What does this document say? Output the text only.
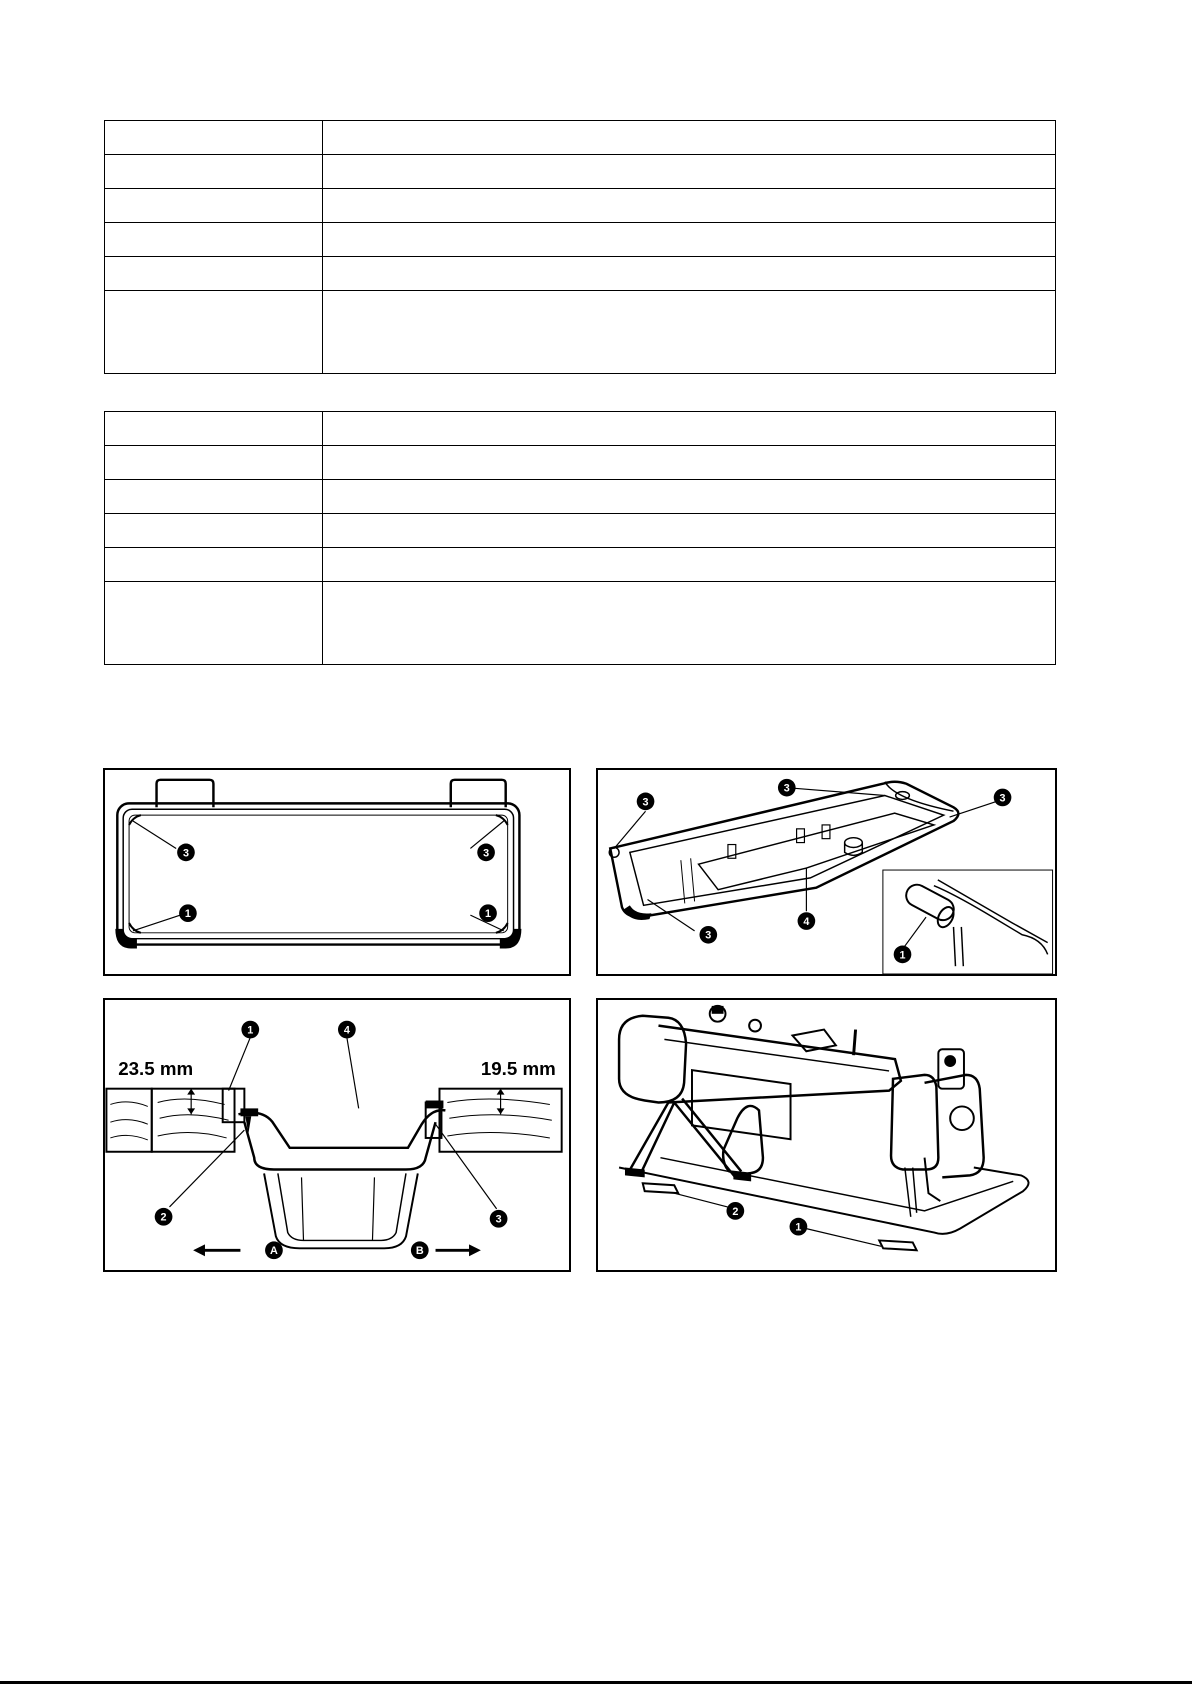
3	3
1	1
3
3
3
3
4
1
23.5 mm	19.5 mm
1	4
2	3
A	B
2
1
